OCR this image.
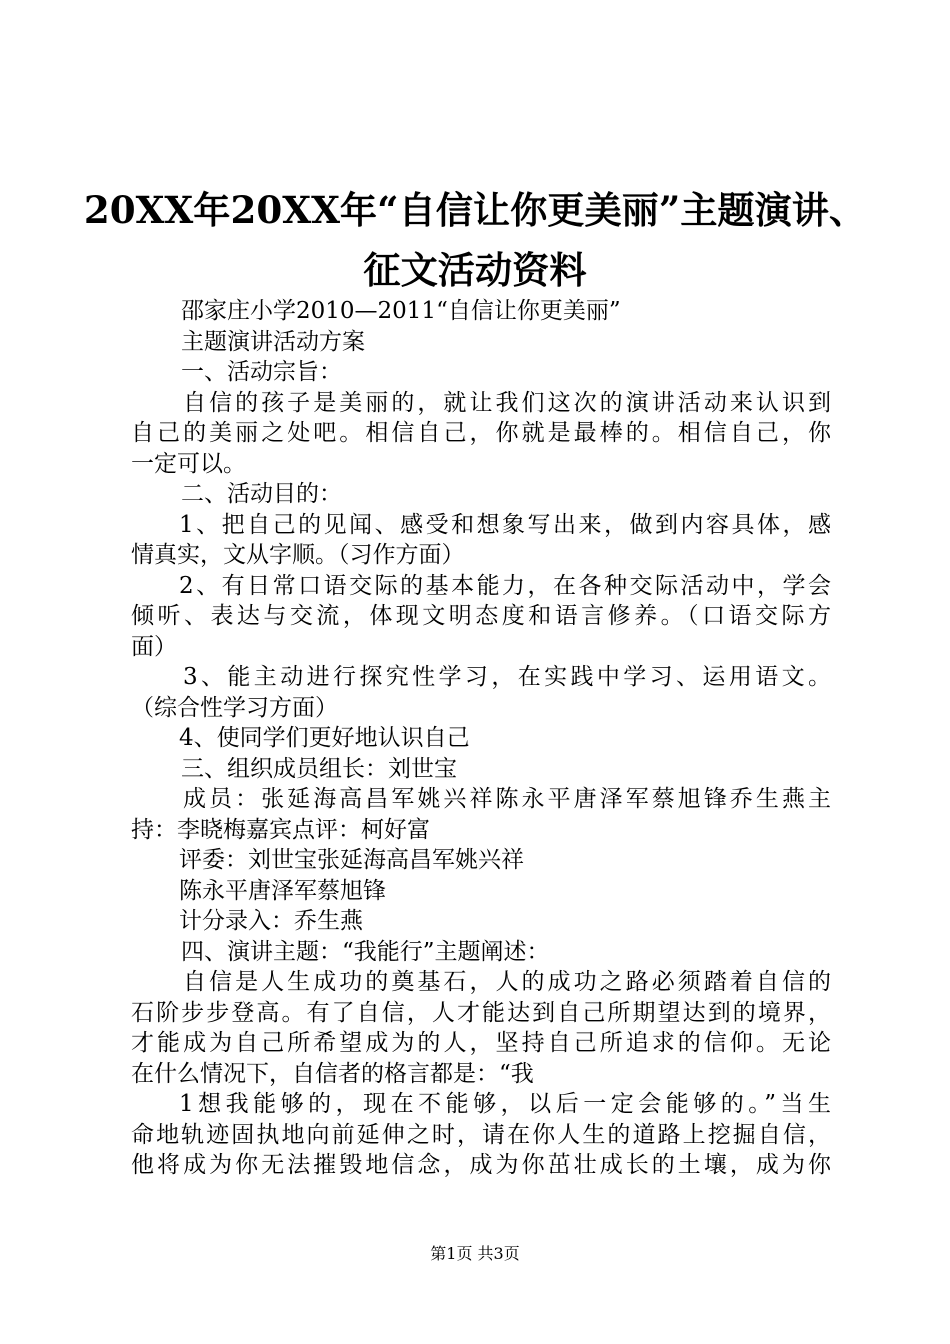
20XX年20XX年“自信让你更美丽”主题演讲、
征文活动资料
邵家庄小学2010—2011“自信让你更美丽”
主题演讲活动方案
一、活动宗旨：
自信的孩子是美丽的，就让我们这次的演讲活动来认识到
自己的美丽之处吧。相信自己，你就是最棒的。相信自己，你
一定可以。
二、活动目的：
1、把自己的见闻、感受和想象写出来，做到内容具体，感
情真实，文从字顺。（习作方面）
2、有日常口语交际的基本能力，在各种交际活动中，学会
倾听、表达与交流，体现文明态度和语言修养。（口语交际方
面）
3、能主动进行探究性学习，在实践中学习、运用语文。
（综合性学习方面）
4、使同学们更好地认识自己
三、组织成员组长：刘世宝
成员：张延海高昌军姚兴祥陈永平唐泽军蔡旭锋乔生燕主
持：李晓梅嘉宾点评：柯好富
评委：刘世宝张延海高昌军姚兴祥
陈永平唐泽军蔡旭锋
计分录入：乔生燕
四、演讲主题：“我能行”主题阐述：
自信是人生成功的奠基石，人的成功之路必须踏着自信的
石阶步步登高。有了自信，人才能达到自己所期望达到的境界，
才能成为自己所希望成为的人，坚持自己所追求的信仰。无论
在什么情况下，自信者的格言都是：“我
1想我能够的，现在不能够，以后一定会能够的。”当生
命地轨迹固执地向前延伸之时，请在你人生的道路上挖掘自信，
他将成为你无法摧毁地信念，成为你茁壮成长的土壤，成为你
第1页 共3页
